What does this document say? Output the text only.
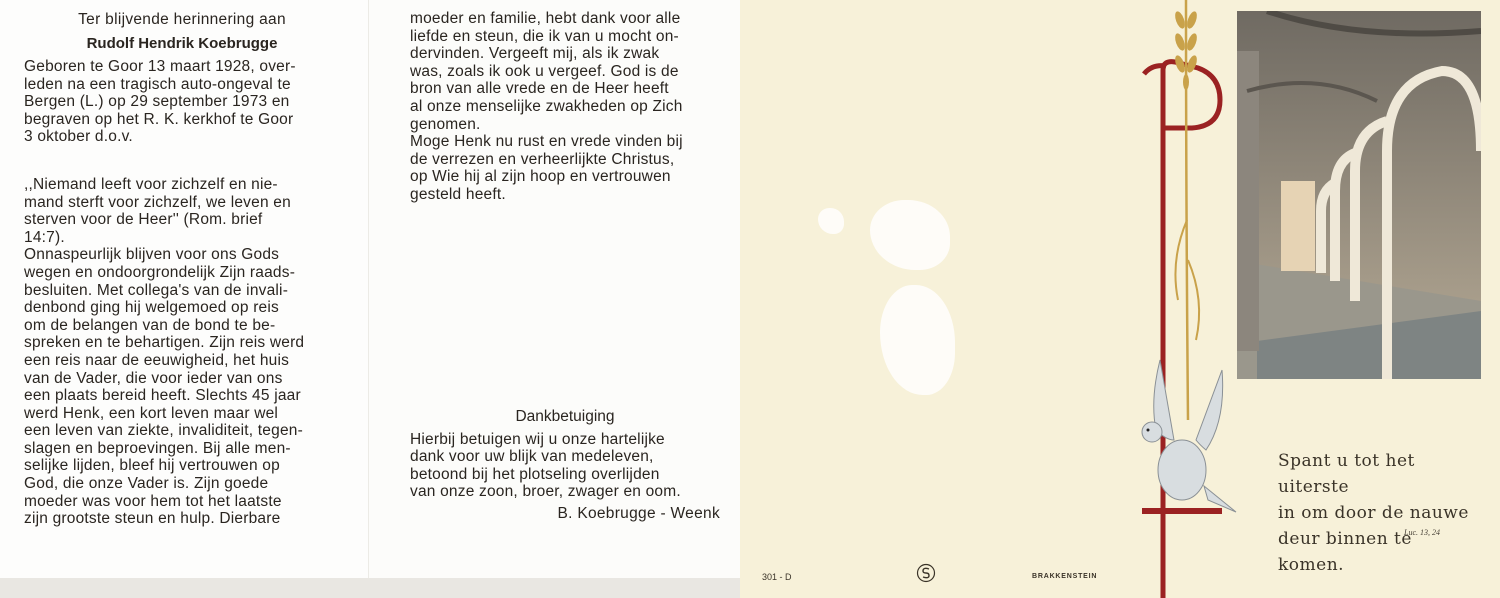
Ter blijvende herinnering aan

Rudolf Hendrik Koebrugge

Geboren te Goor 13 maart 1928, over-
leden na een tragisch auto-ongeval te
Bergen (L.) op 29 september 1973 en
begraven op het R. K. kerkhof te Goor
3 oktober d.o.v.
,,Niemand leeft voor zichzelf en nie-
mand sterft voor zichzelf, we leven en
sterven voor de Heer'' (Rom. brief
14:7).
Onnaspeurlijk blijven voor ons Gods
wegen en ondoorgrondelijk Zijn raads-
besluiten. Met collega's van de invali-
denbond ging hij welgemoed op reis
om de belangen van de bond te be-
spreken en te behartigen. Zijn reis werd
een reis naar de eeuwigheid, het huis
van de Vader, die voor ieder van ons
een plaats bereid heeft. Slechts 45 jaar
werd Henk, een kort leven maar wel
een leven van ziekte, invaliditeit, tegen-
slagen en beproevingen. Bij alle men-
selijke lijden, bleef hij vertrouwen op
God, die onze Vader is. Zijn goede
moeder was voor hem tot het laatste
zijn grootste steun en hulp. Dierbare
moeder en familie, hebt dank voor alle
liefde en steun, die ik van u mocht on-
dervinden. Vergeeft mij, als ik zwak
was, zoals ik ook u vergeef. God is de
bron van alle vrede en de Heer heeft
al onze menselijke zwakheden op Zich
genomen.
Moge Henk nu rust en vrede vinden bij
de verrezen en verheerlijkte Christus,
op Wie hij al zijn hoop en vertrouwen
gesteld heeft.

Dankbetuiging

Hierbij betuigen wij u onze hartelijke
dank voor uw blijk van medeleven,
betoond bij het plotseling overlijden
van onze zoon, broer, zwager en oom.

B. Koebrugge - Weenk

Spant u tot het uiterste
in om door de nauwe
deur binnen te komen.
Luc. 13, 24
301 - D	BRAKKENSTEIN
